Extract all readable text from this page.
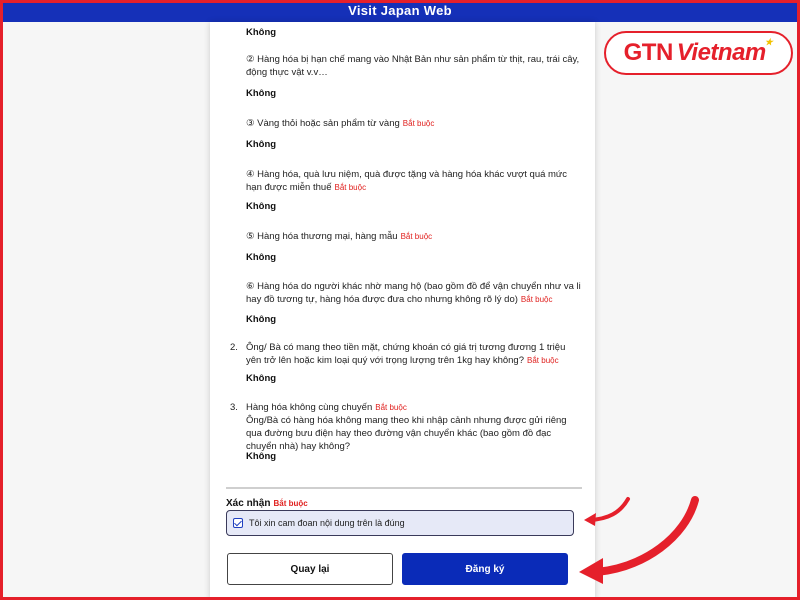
Visit Japan Web
Không
② Hàng hóa bị hạn chế mang vào Nhật Bản như sản phẩm từ thịt, rau, trái cây, động thực vật v.v…
Không
③ Vàng thỏi hoặc sản phẩm từ vàng Bắt buộc
Không
④ Hàng hóa, quà lưu niệm, quà được tặng và hàng hóa khác vượt quá mức hạn được miễn thuế Bắt buộc
Không
⑤ Hàng hóa thương mại, hàng mẫu Bắt buộc
Không
⑥ Hàng hóa do người khác nhờ mang hộ (bao gồm đồ để vận chuyển như va li hay đồ tương tự, hàng hóa được đưa cho nhưng không rõ lý do) Bắt buộc
Không
2. Ông/ Bà có mang theo tiền mặt, chứng khoán có giá trị tương đương 1 triệu yên trở lên hoặc kim loại quý với trọng lượng trên 1kg hay không? Bắt buộc
Không
3. Hàng hóa không cùng chuyến Bắt buộc
Ông/Bà có hàng hóa không mang theo khi nhập cảnh nhưng được gửi riêng qua đường bưu điện hay theo đường vận chuyển khác (bao gồm đồ đạc chuyển nhà) hay không?
Không
Xác nhận Bắt buộc
Tôi xin cam đoan nội dung trên là đúng
Quay lại	Đăng ký
GTN Vietnam ★
